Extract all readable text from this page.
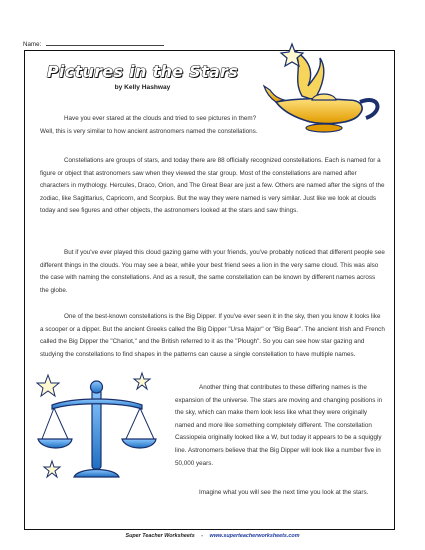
Name:
Pictures in the Stars
by Kelly Hashway

Have you ever stared at the clouds and tried to see pictures in them? Well, this is very similar to how ancient astronomers named the constellations.

Constellations are groups of stars, and today there are 88 officially recognized constellations. Each is named for a figure or object that astronomers saw when they viewed the star group. Most of the constellations are named after characters in mythology. Hercules, Draco, Orion, and The Great Bear are just a few. Others are named after the signs of the zodiac, like Sagittarius, Capricorn, and Scorpius. But the way they were named is very similar. Just like we look at clouds today and see figures and other objects, the astronomers looked at the stars and saw things.

But if you've ever played this cloud gazing game with your friends, you've probably noticed that different people see different things in the clouds. You may see a bear, while your best friend sees a lion in the very same cloud. This was also the case with naming the constellations. And as a result, the same constellation can be known by different names across the globe.

One of the best-known constellations is the Big Dipper. If you've ever seen it in the sky, then you know it looks like a scooper or a dipper. But the ancient Greeks called the Big Dipper "Ursa Major" or "Big Bear". The ancient Irish and French called the Big Dipper the "Chariot," and the British referred to it as the "Plough". So you can see how star gazing and studying the constellations to find shapes in the patterns can cause a single constellation to have multiple names.

Another thing that contributes to these differing names is the expansion of the universe. The stars are moving and changing positions in the sky, which can make them look less like what they were originally named and more like something completely different. The constellation Cassiopeia originally looked like a W, but today it appears to be a squiggly line. Astronomers believe that the Big Dipper will look like a number five in 50,000 years.

Imagine what you will see the next time you look at the stars.

Super Teacher Worksheets - www.superteacherworksheets.com
